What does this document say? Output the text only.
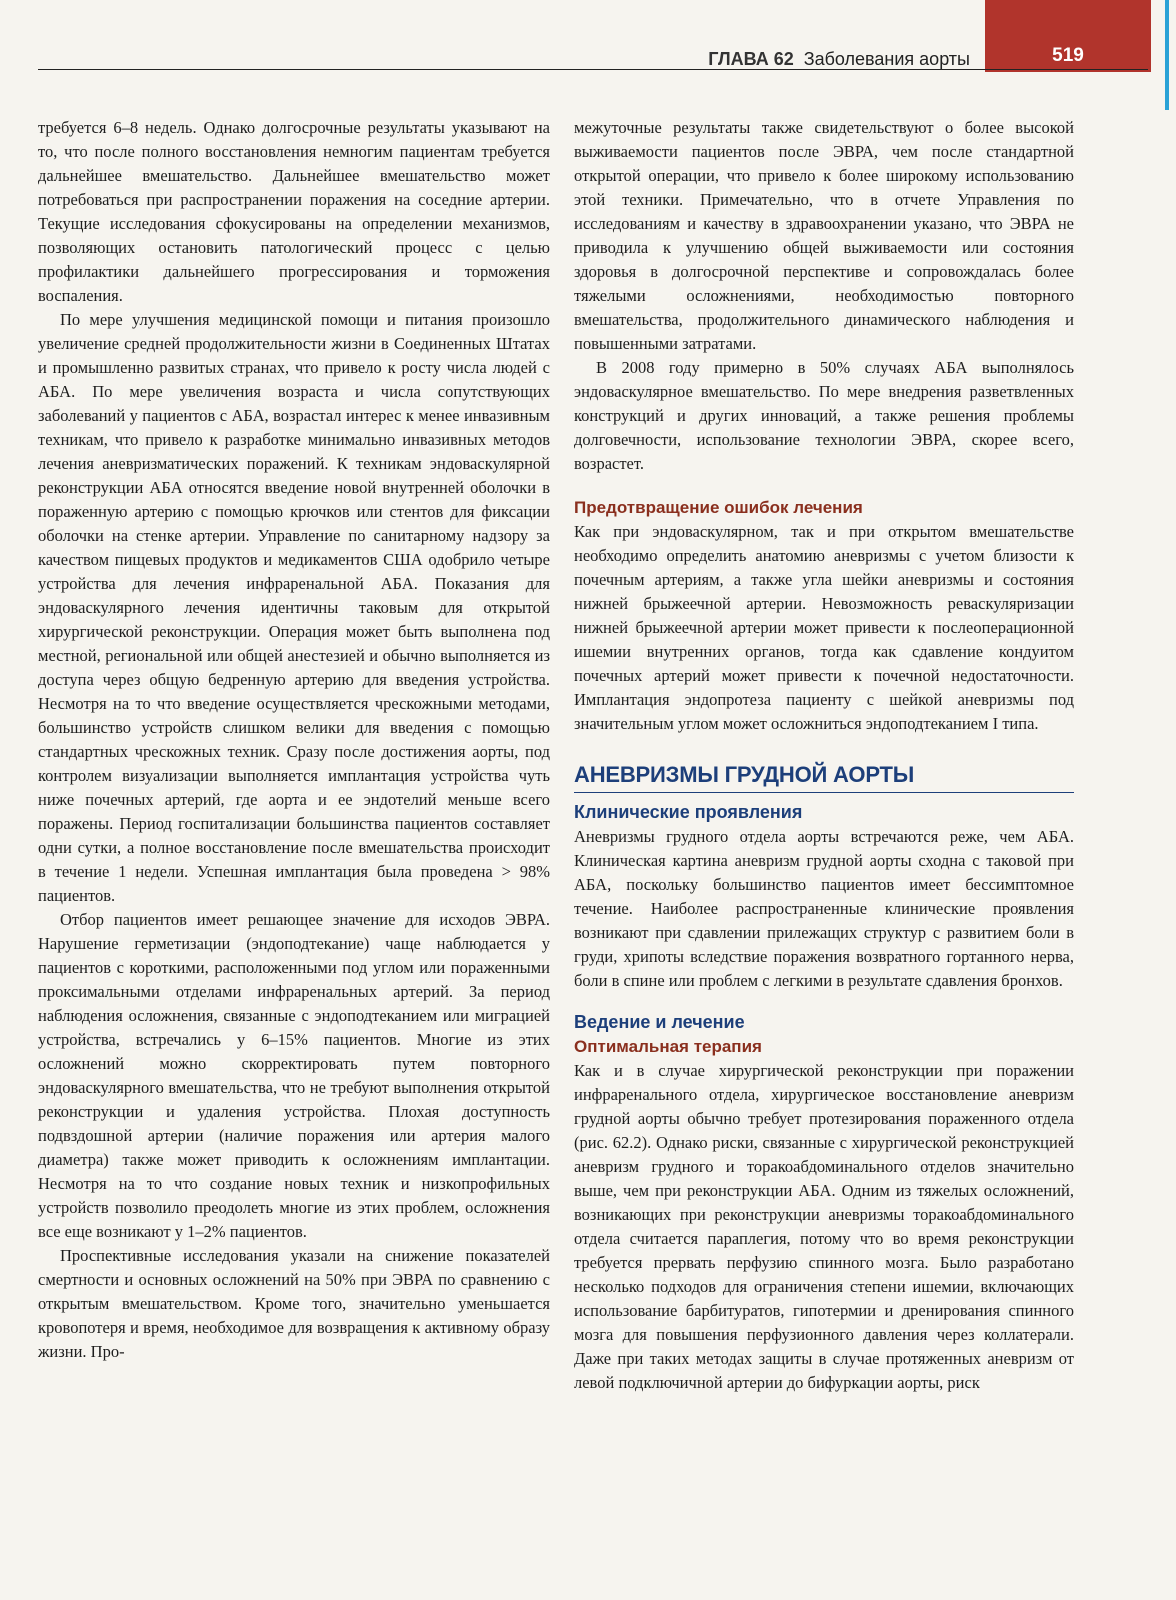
519
ГЛАВА 62 Заболевания аорты

требуется 6–8 недель. Однако долгосрочные результаты указывают на то, что после полного восстановления немногим пациентам требуется дальнейшее вмешательство. Дальнейшее вмешательство может потребоваться при распространении поражения на соседние артерии. Текущие исследования сфокусированы на определении механизмов, позволяющих остановить патологический процесс с целью профилактики дальнейшего прогрессирования и торможения воспаления.

По мере улучшения медицинской помощи и питания произошло увеличение средней продолжительности жизни в Соединенных Штатах и промышленно развитых странах, что привело к росту числа людей с АБА. По мере увеличения возраста и числа сопутствующих заболеваний у пациентов с АБА, возрастал интерес к менее инвазивным техникам, что привело к разработке минимально инвазивных методов лечения аневризматических поражений. К техникам эндоваскулярной реконструкции АБА относятся введение новой внутренней оболочки в пораженную артерию с помощью крючков или стентов для фиксации оболочки на стенке артерии. Управление по санитарному надзору за качеством пищевых продуктов и медикаментов США одобрило четыре устройства для лечения инфраренальной АБА. Показания для эндоваскулярного лечения идентичны таковым для открытой хирургической реконструкции. Операция может быть выполнена под местной, региональной или общей анестезией и обычно выполняется из доступа через общую бедренную артерию для введения устройства. Несмотря на то что введение осуществляется чрескожными методами, большинство устройств слишком велики для введения с помощью стандартных чрескожных техник. Сразу после достижения аорты, под контролем визуализации выполняется имплантация устройства чуть ниже почечных артерий, где аорта и ее эндотелий меньше всего поражены. Период госпитализации большинства пациентов составляет одни сутки, а полное восстановление после вмешательства происходит в течение 1 недели. Успешная имплантация была проведена > 98% пациентов.

Отбор пациентов имеет решающее значение для исходов ЭВРА. Нарушение герметизации (эндоподтекание) чаще наблюдается у пациентов с короткими, расположенными под углом или пораженными проксимальными отделами инфраренальных артерий. За период наблюдения осложнения, связанные с эндоподтеканием или миграцией устройства, встречались у 6–15% пациентов. Многие из этих осложнений можно скорректировать путем повторного эндоваскулярного вмешательства, что не требуют выполнения открытой реконструкции и удаления устройства. Плохая доступность подвздошной артерии (наличие поражения или артерия малого диаметра) также может приводить к осложнениям имплантации. Несмотря на то что создание новых техник и низкопрофильных устройств позволило преодолеть многие из этих проблем, осложнения все еще возникают у 1–2% пациентов.

Проспективные исследования указали на снижение показателей смертности и основных осложнений на 50% при ЭВРА по сравнению с открытым вмешательством. Кроме того, значительно уменьшается кровопотеря и время, необходимое для возвращения к активному образу жизни. Про-

межуточные результаты также свидетельствуют о более высокой выживаемости пациентов после ЭВРА, чем после стандартной открытой операции, что привело к более широкому использованию этой техники. Примечательно, что в отчете Управления по исследованиям и качеству в здравоохранении указано, что ЭВРА не приводила к улучшению общей выживаемости или состояния здоровья в долгосрочной перспективе и сопровождалась более тяжелыми осложнениями, необходимостью повторного вмешательства, продолжительного динамического наблюдения и повышенными затратами.

В 2008 году примерно в 50% случаях АБА выполнялось эндоваскулярное вмешательство. По мере внедрения разветвленных конструкций и других инноваций, а также решения проблемы долговечности, использование технологии ЭВРА, скорее всего, возрастет.

Предотвращение ошибок лечения

Как при эндоваскулярном, так и при открытом вмешательстве необходимо определить анатомию аневризмы с учетом близости к почечным артериям, а также угла шейки аневризмы и состояния нижней брыжеечной артерии. Невозможность реваскуляризации нижней брыжеечной артерии может привести к послеоперационной ишемии внутренних органов, тогда как сдавление кондуитом почечных артерий может привести к почечной недостаточности. Имплантация эндопротеза пациенту с шейкой аневризмы под значительным углом может осложниться эндоподтеканием I типа.

АНЕВРИЗМЫ ГРУДНОЙ АОРТЫ
Клинические проявления

Аневризмы грудного отдела аорты встречаются реже, чем АБА. Клиническая картина аневризм грудной аорты сходна с таковой при АБА, поскольку большинство пациентов имеет бессимптомное течение. Наиболее распространенные клинические проявления возникают при сдавлении прилежащих структур с развитием боли в груди, хрипоты вследствие поражения возвратного гортанного нерва, боли в спине или проблем с легкими в результате сдавления бронхов.

Ведение и лечение
Оптимальная терапия

Как и в случае хирургической реконструкции при поражении инфраренального отдела, хирургическое восстановление аневризм грудной аорты обычно требует протезирования пораженного отдела (рис. 62.2). Однако риски, связанные с хирургической реконструкцией аневризм грудного и торакоабдоминального отделов значительно выше, чем при реконструкции АБА. Одним из тяжелых осложнений, возникающих при реконструкции аневризмы торакоабдоминального отдела считается параплегия, потому что во время реконструкции требуется прервать перфузию спинного мозга. Было разработано несколько подходов для ограничения степени ишемии, включающих использование барбитуратов, гипотермии и дренирования спинного мозга для повышения перфузионного давления через коллатерали. Даже при таких методах защиты в случае протяженных аневризм от левой подключичной артерии до бифуркации аорты, риск
